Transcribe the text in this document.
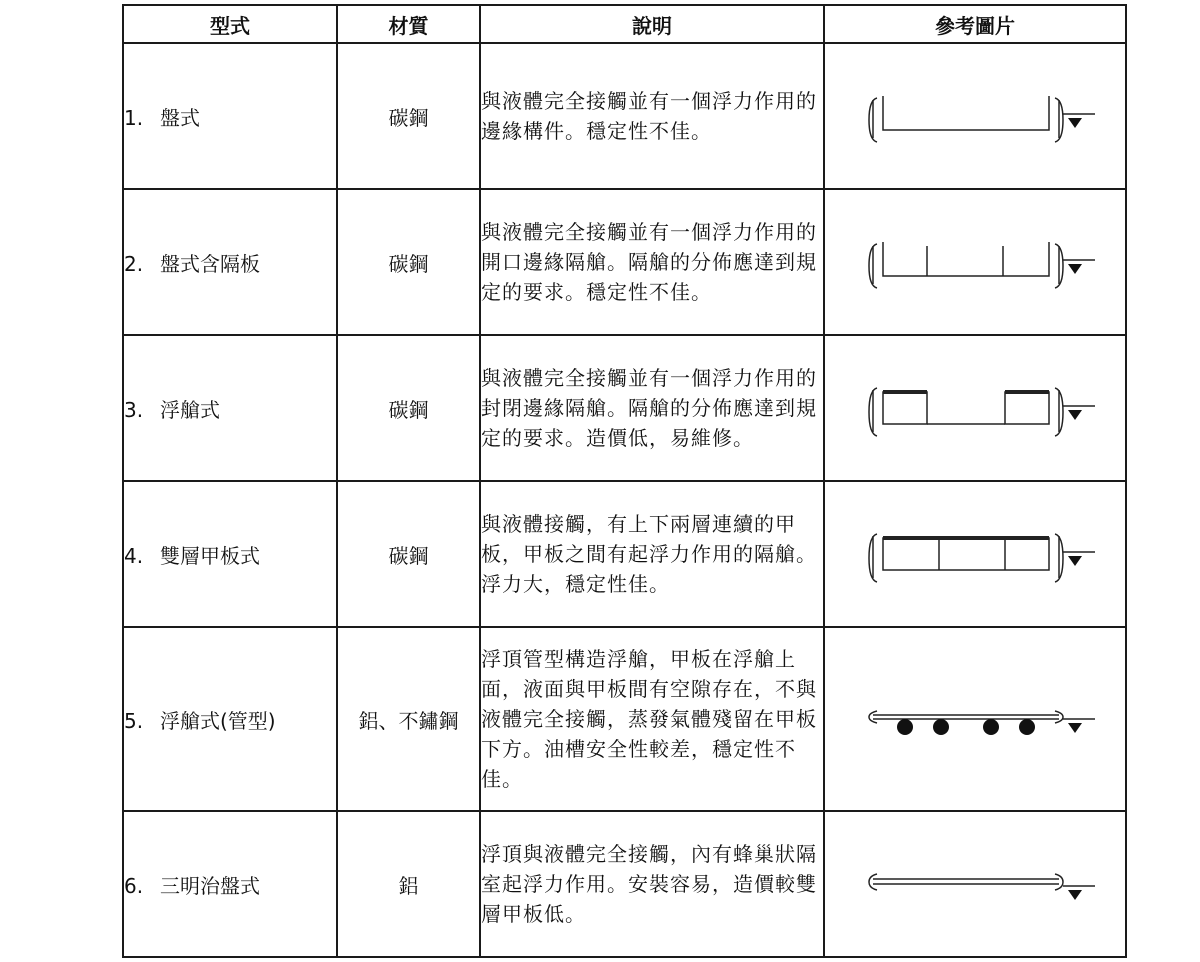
型式	材質	說明	參考圖片
1. 盤式	碳鋼	與液體完全接觸並有一個浮力作用的邊緣構件。穩定性不佳。	

2. 盤式含隔板	碳鋼	與液體完全接觸並有一個浮力作用的開口邊緣隔艙。隔艙的分佈應達到規定的要求。穩定性不佳。	

3. 浮艙式	碳鋼	與液體完全接觸並有一個浮力作用的封閉邊緣隔艙。隔艙的分佈應達到規定的要求。造價低，易維修。	

4. 雙層甲板式	碳鋼	與液體接觸，有上下兩層連續的甲板，甲板之間有起浮力作用的隔艙。浮力大，穩定性佳。	

5. 浮艙式(管型)	鋁、不鏽鋼	浮頂管型構造浮艙，甲板在浮艙上面，液面與甲板間有空隙存在，不與液體完全接觸，蒸發氣體殘留在甲板下方。油槽安全性較差，穩定性不佳。	

6. 三明治盤式	鋁	浮頂與液體完全接觸，內有蜂巢狀隔室起浮力作用。安裝容易，造價較雙層甲板低。	
